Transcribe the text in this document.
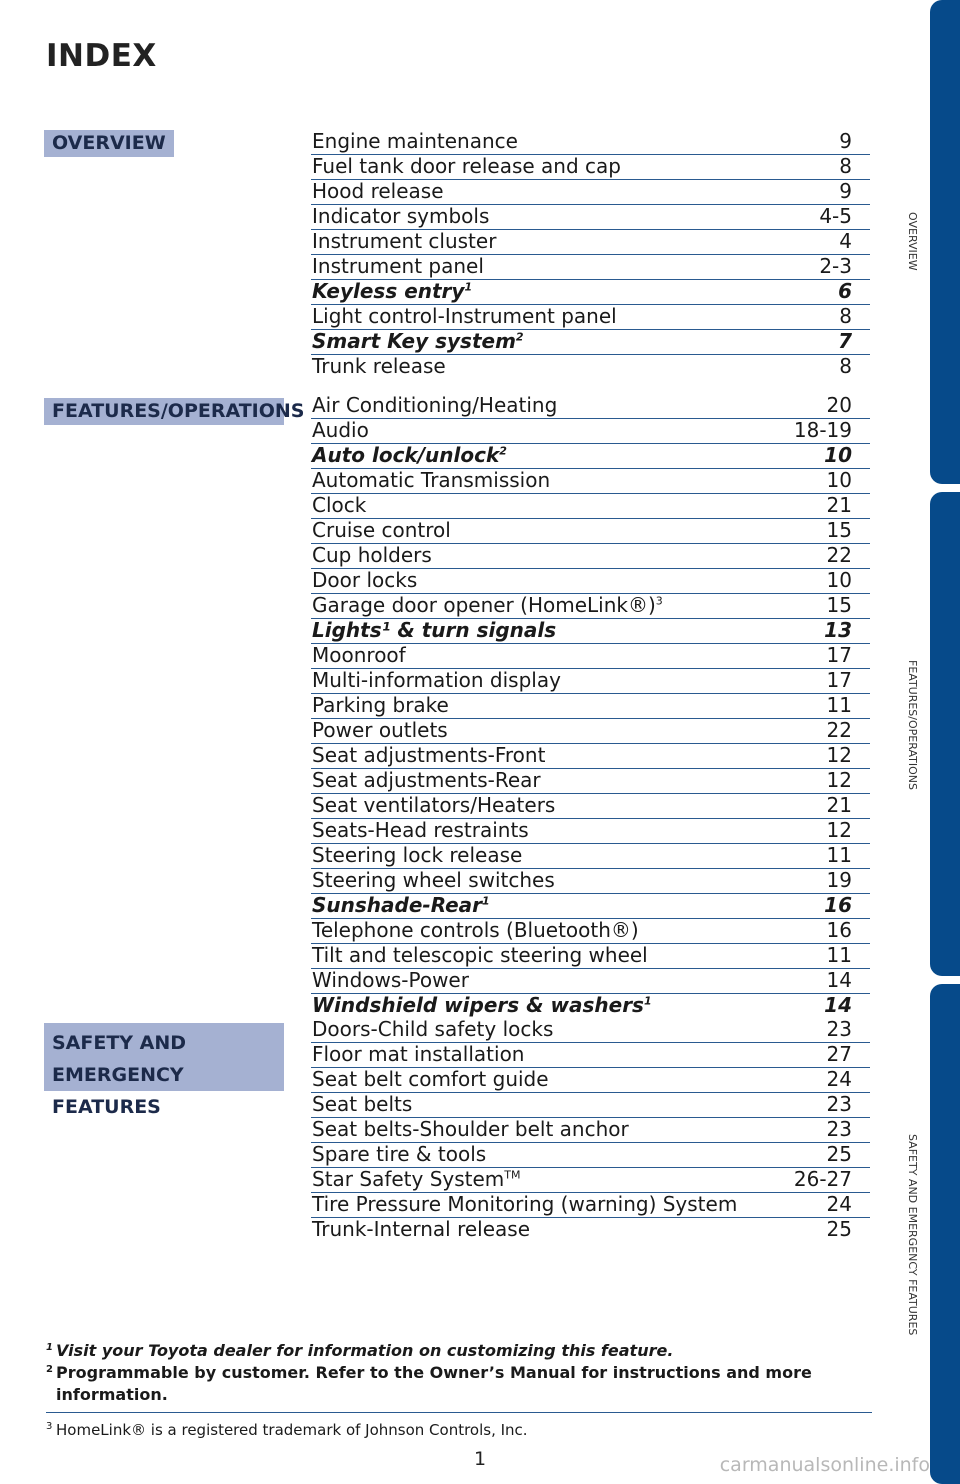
INDEX
OVERVIEW
FEATURES/OPERATIONS
SAFETY AND
EMERGENCY FEATURES
Engine maintenance	9
Fuel tank door release and cap	8
Hood release	9
Indicator symbols	4-5
Instrument cluster	4
Instrument panel	2-3
Keyless entry$^1$	6
Light control-Instrument panel	8
Smart Key system$^2$	7
Trunk release	8
Air Conditioning/Heating	20
Audio	18-19
Auto lock/unlock$^2$	10
Automatic Transmission	10
Clock	21
Cruise control	15
Cup holders	22
Door locks	10
Garage door opener (HomeLink®)$^3$	15
Lights¹ & turn signals	13
Moonroof	17
Multi-information display	17
Parking brake	11
Power outlets	22
Seat adjustments-Front	12
Seat adjustments-Rear	12
Seat ventilators/Heaters	21
Seats-Head restraints	12
Steering lock release	11
Steering wheel switches	19
Sunshade-Rear$^1$	16
Telephone controls (Bluetooth®)	16
Tilt and telescopic steering wheel	11
Windows-Power	14
Windshield wipers & washers$^1$	14
Doors-Child safety locks	23
Floor mat installation	27
Seat belt comfort guide	24
Seat belts	23
Seat belts-Shoulder belt anchor	23
Spare tire & tools	25
Star Safety System™	26-27
Tire Pressure Monitoring (warning) System	24
Trunk-Internal release	25
OVERVIEW
FEATURES/OPERATIONS
SAFETY AND EMERGENCY FEATURES
1 Visit your Toyota dealer for information on customizing this feature.
2 Programmable by customer. Refer to the Owner’s Manual for instructions and more information.
3 HomeLink® is a registered trademark of Johnson Controls, Inc.
1	carmanualsonline.info
